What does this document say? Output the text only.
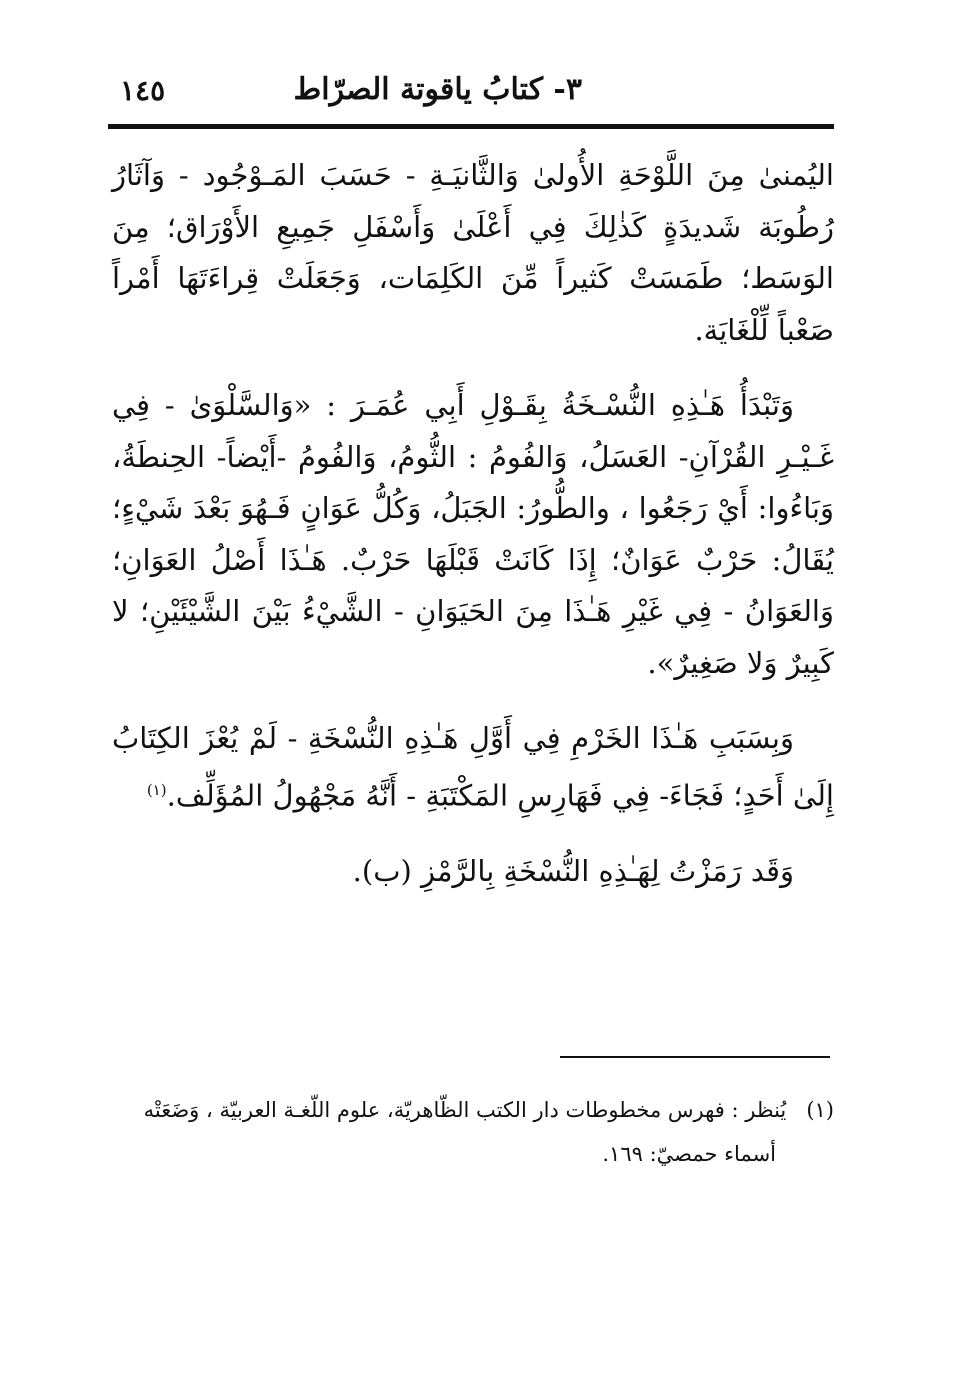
٣- كتابُ ياقوتة الصرّاط
١٤٥

اليُمنىٰ مِنَ اللَّوْحَةِ الأُولىٰ وَالثَّانيَـةِ - حَسَبَ المَـوْجُود - وَآثَارُ رُطُوبَة شَديدَةٍ كَذٰلِكَ فِي أَعْلَىٰ وَأَسْفَلِ جَمِيعِ الأَوْرَاق؛ مِنَ الوَسَط؛ طَمَسَتْ كَثيراً مِّنَ الكَلِمَات، وَجَعَلَتْ قِراءَتَهَا أَمْراً صَعْباً لِّلْغَايَة.

وَتَبْدَأُ هَـٰذِهِ النُّسْـخَةُ بِقَـوْلِ أَبِي عُمَـرَ : «وَالسَّلْوَىٰ - فِي غَـيْـرِ القُرْآنِ- العَسَلُ، وَالفُومُ : الثُّومُ، وَالفُومُ -أَيْضاً- الحِنطَةُ، وَبَاءُوا: أَيْ رَجَعُوا ، والطُّورُ: الجَبَلُ، وَكُلُّ عَوَانٍ فَـهُوَ بَعْدَ شَيْءٍ؛ يُقَالُ: حَرْبٌ عَوَانٌ؛ إِذَا كَانَتْ قَبْلَهَا حَرْبٌ. هَـٰذَا أَصْلُ العَوَانِ؛ وَالعَوَانُ - فِي غَيْرِ هَـٰذَا مِنَ الحَيَوَانِ - الشَّيْءُ بَيْنَ الشَّيْئَيْنِ؛ لا كَبِيرٌ وَلا صَغِيرٌ».

وَبِسَبَبِ هَـٰذَا الخَرْمِ فِي أَوَّلِ هَـٰذِهِ النُّسْخَةِ - لَمْ يُعْزَ الكِتَابُ إِلَىٰ أَحَدٍ؛ فَجَاءَ- فِي فَهَارِسِ المَكْتَبَةِ - أَنَّهُ مَجْهُولُ المُؤَلِّف.$^{(١)}$

وَقَد رَمَزْتُ لِهَـٰذِهِ النُّسْخَةِ بِالرَّمْزِ (ب).

(١)   يُنظر : فهرس مخطوطات دار الكتب الظّاهريّة، علوم اللّغـة العربيّة ، وَضَعَتْه

أسماء حمصيّ: ١٦٩.
